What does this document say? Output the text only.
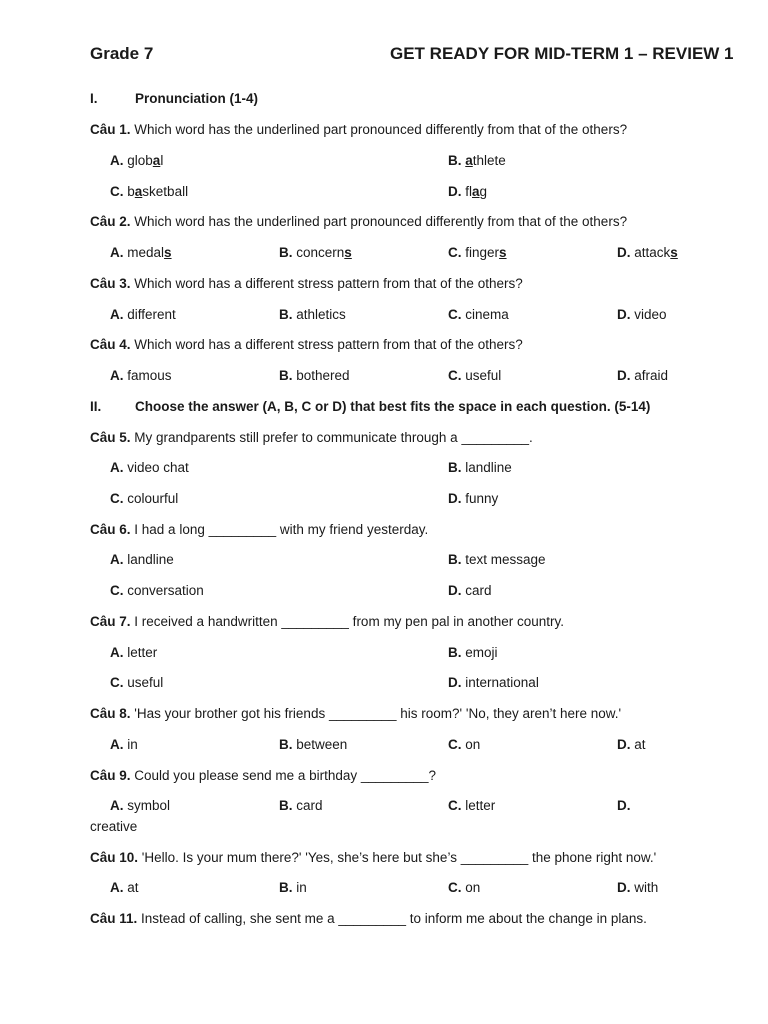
Grade 7	GET READY FOR MID-TERM 1 – REVIEW 1
I.	Pronunciation (1-4)
Câu 1. Which word has the underlined part pronounced differently from that of the others?
A. global	B. athlete
C. basketball	D. flag
Câu 2. Which word has the underlined part pronounced differently from that of the others?
A. medals	B. concerns	C. fingers	D. attacks
Câu 3. Which word has a different stress pattern from that of the others?
A. different	B. athletics	C. cinema	D. video
Câu 4. Which word has a different stress pattern from that of the others?
A. famous	B. bothered	C. useful	D. afraid
II. Choose the answer (A, B, C or D) that best fits the space in each question. (5-14)
Câu 5. My grandparents still prefer to communicate through a _________.
A. video chat	B. landline
C. colourful	D. funny
Câu 6. I had a long _________ with my friend yesterday.
A. landline	B. text message
C. conversation	D. card
Câu 7. I received a handwritten _________ from my pen pal in another country.
A. letter	B. emoji
C. useful	D. international
Câu 8. 'Has your brother got his friends _________ his room?' 'No, they aren’t here now.'
A. in	B. between	C. on	D. at
Câu 9. Could you please send me a birthday _________?
A. symbol	B. card	C. letter	D.
creative
Câu 10. 'Hello. Is your mum there?' 'Yes, she’s here but she’s _________ the phone right now.'
A. at	B. in	C. on	D. with
Câu 11. Instead of calling, she sent me a _________ to inform me about the change in plans.
